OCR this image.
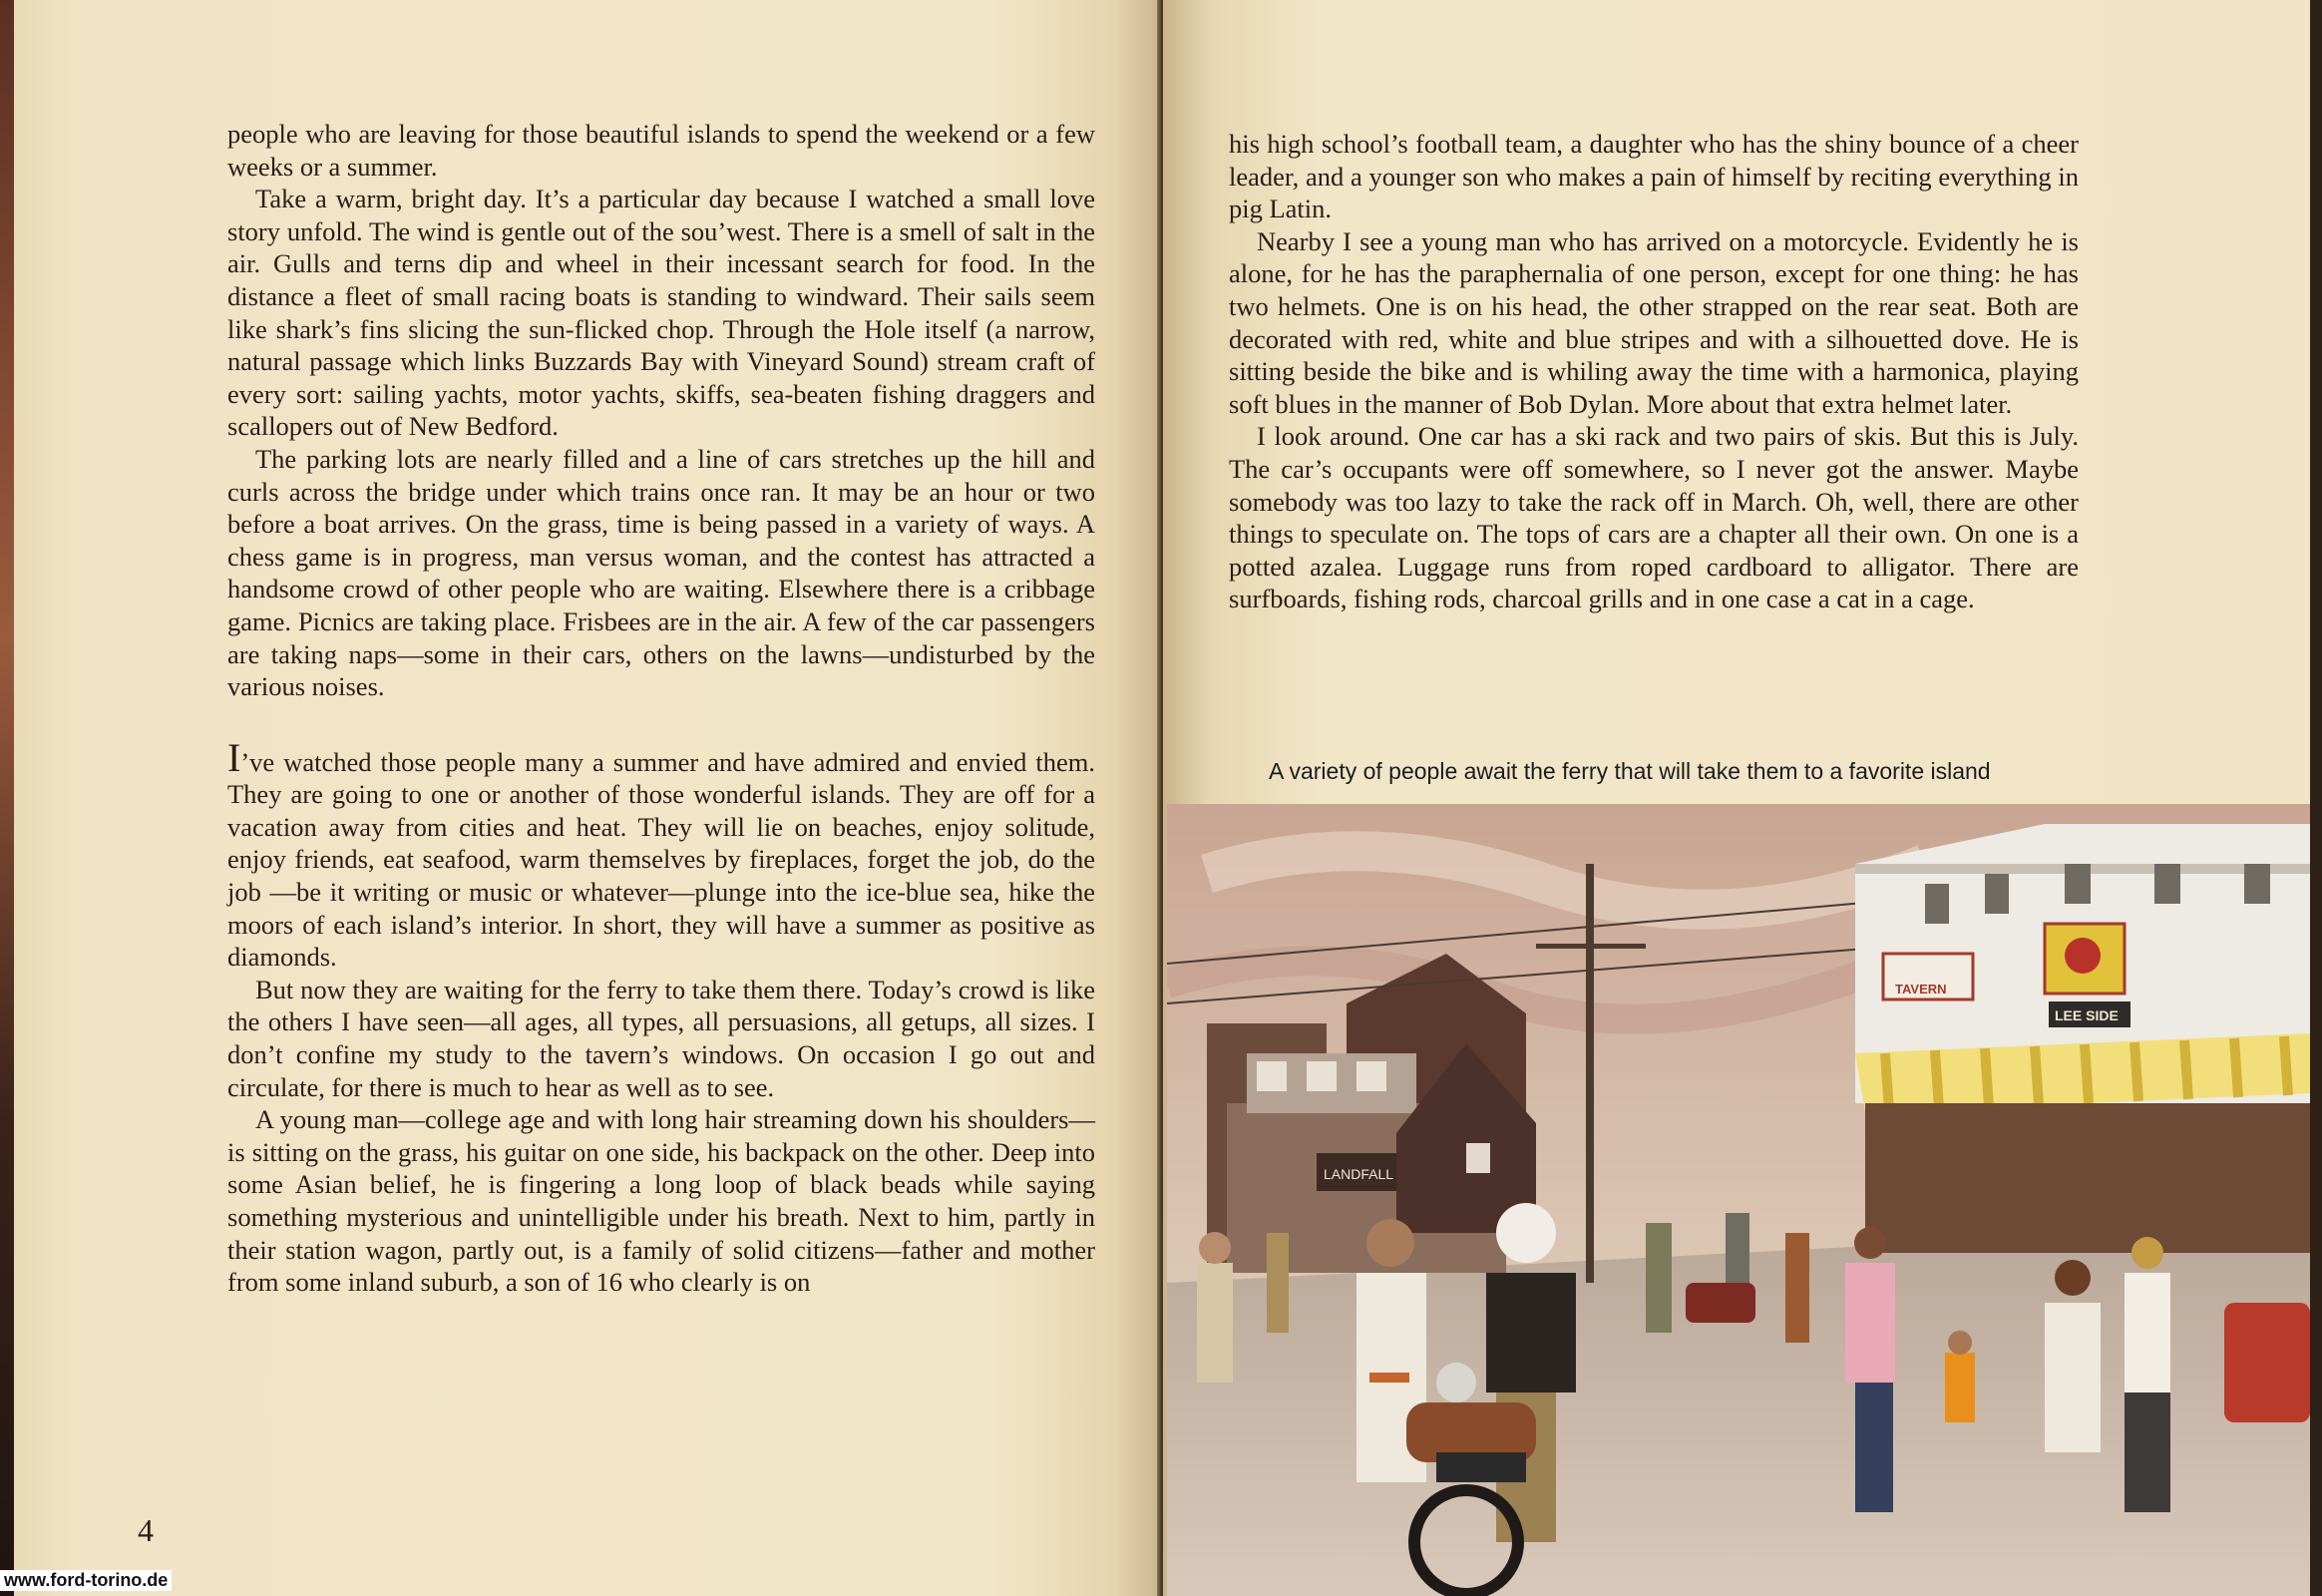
people who are leaving for those beautiful islands to spend the weekend or a few weeks or a summer.

Take a warm, bright day. It’s a particular day because I watched a small love story unfold. The wind is gentle out of the sou’west. There is a smell of salt in the air. Gulls and terns dip and wheel in their incessant search for food. In the distance a fleet of small racing boats is standing to windward. Their sails seem like shark’s fins slicing the sun-flicked chop. Through the Hole itself (a narrow, natural passage which links Buzzards Bay with Vineyard Sound) stream craft of every sort: sailing yachts, motor yachts, skiffs, sea-beaten fishing draggers and scallopers out of New Bedford.

The parking lots are nearly filled and a line of cars stretches up the hill and curls across the bridge under which trains once ran. It may be an hour or two before a boat arrives. On the grass, time is being passed in a variety of ways. A chess game is in progress, man versus woman, and the contest has attracted a handsome crowd of other people who are waiting. Elsewhere there is a cribbage game. Picnics are taking place. Frisbees are in the air. A few of the car passengers are taking naps—some in their cars, others on the lawns—undisturbed by the various noises.

I’ve watched those people many a summer and have admired and envied them. They are going to one or another of those wonderful islands. They are off for a vacation away from cities and heat. They will lie on beaches, enjoy solitude, enjoy friends, eat seafood, warm themselves by fireplaces, forget the job, do the job —be it writing or music or whatever—plunge into the ice-blue sea, hike the moors of each island’s interior. In short, they will have a summer as positive as diamonds.

But now they are waiting for the ferry to take them there. Today’s crowd is like the others I have seen—all ages, all types, all persuasions, all getups, all sizes. I don’t confine my study to the tavern’s windows. On occasion I go out and circulate, for there is much to hear as well as to see.

A young man—college age and with long hair streaming down his shoulders—is sitting on the grass, his guitar on one side, his backpack on the other. Deep into some Asian belief, he is fingering a long loop of black beads while saying something mysterious and unintelligible under his breath. Next to him, partly in their station wagon, partly out, is a family of solid citizens—father and mother from some inland suburb, a son of 16 who clearly is on

4

his high school’s football team, a daughter who has the shiny bounce of a cheer leader, and a younger son who makes a pain of himself by reciting everything in pig Latin.

Nearby I see a young man who has arrived on a motorcycle. Evidently he is alone, for he has the paraphernalia of one person, except for one thing: he has two helmets. One is on his head, the other strapped on the rear seat. Both are decorated with red, white and blue stripes and with a silhouetted dove. He is sitting beside the bike and is whiling away the time with a harmonica, playing soft blues in the manner of Bob Dylan. More about that extra helmet later.

I look around. One car has a ski rack and two pairs of skis. But this is July. The car’s occupants were off somewhere, so I never got the answer. Maybe somebody was too lazy to take the rack off in March. Oh, well, there are other things to speculate on. The tops of cars are a chapter all their own. On one is a potted azalea. Luggage runs from roped cardboard to alligator. There are surfboards, fishing rods, charcoal grills and in one case a cat in a cage.

A variety of people await the ferry that will take them to a favorite island
LANDFALL
TAVERN
LEE SIDE
www.ford-torino.de
